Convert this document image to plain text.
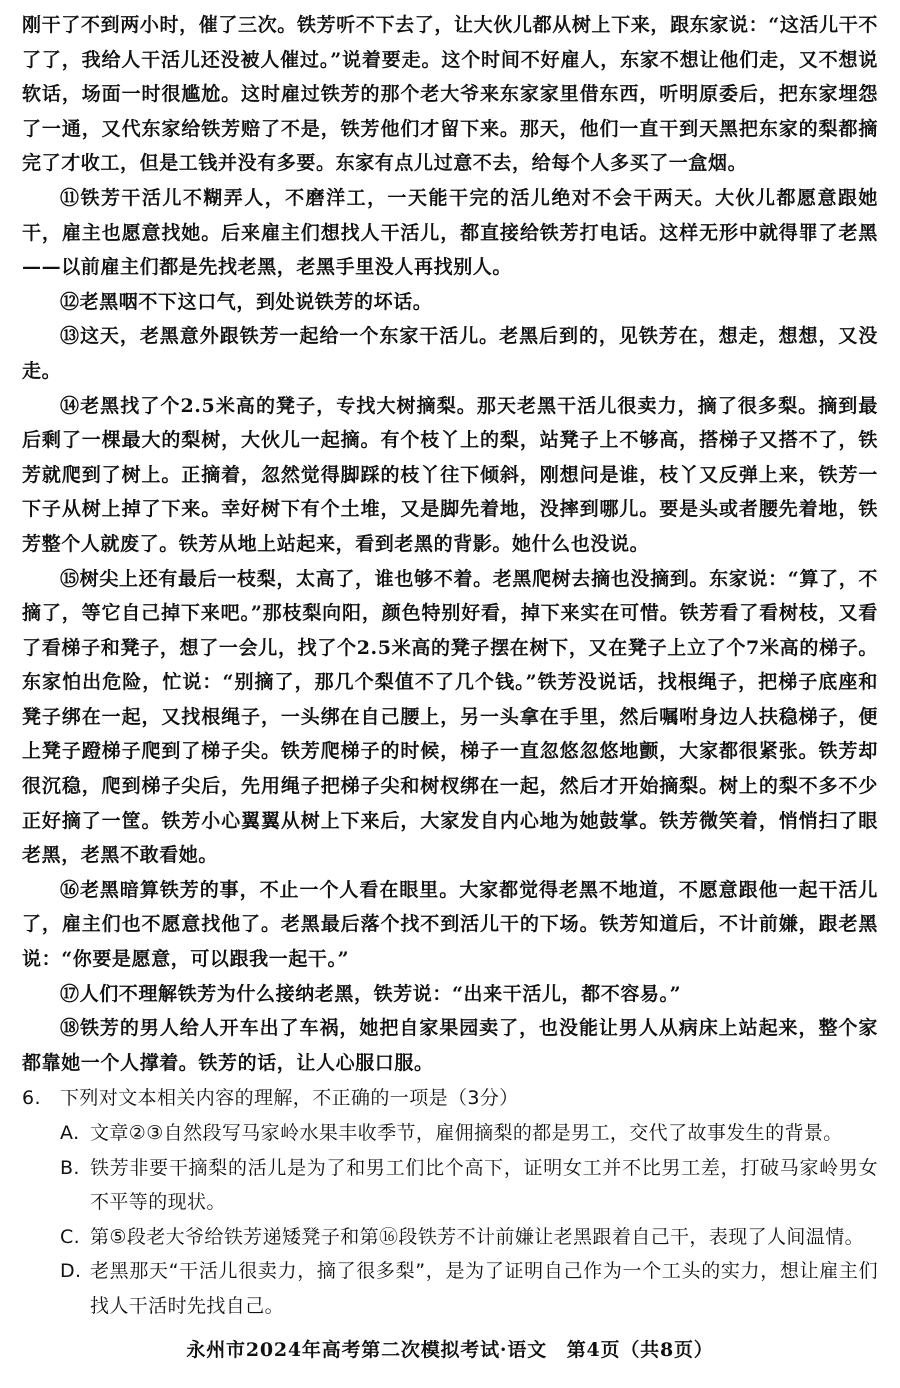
刚干了不到两小时，催了三次。铁芳听不下去了，让大伙儿都从树上下来，跟东家说：“这活儿干不了了，我给人干活儿还没被人催过。”说着要走。这个时间不好雇人，东家不想让他们走，又不想说软话，场面一时很尴尬。这时雇过铁芳的那个老大爷来东家家里借东西，听明原委后，把东家埋怨了一通，又代东家给铁芳赔了不是，铁芳他们才留下来。那天，他们一直干到天黑把东家的梨都摘完了才收工，但是工钱并没有多要。东家有点儿过意不去，给每个人多买了一盒烟。

⑪铁芳干活儿不糊弄人，不磨洋工，一天能干完的活儿绝对不会干两天。大伙儿都愿意跟她干，雇主也愿意找她。后来雇主们想找人干活儿，都直接给铁芳打电话。这样无形中就得罪了老黑——以前雇主们都是先找老黑，老黑手里没人再找别人。

⑫老黑咽不下这口气，到处说铁芳的坏话。

⑬这天，老黑意外跟铁芳一起给一个东家干活儿。老黑后到的，见铁芳在，想走，想想，又没走。

⑭老黑找了个2.5米高的凳子，专找大树摘梨。那天老黑干活儿很卖力，摘了很多梨。摘到最后剩了一棵最大的梨树，大伙儿一起摘。有个枝丫上的梨，站凳子上不够高，搭梯子又搭不了，铁芳就爬到了树上。正摘着，忽然觉得脚踩的枝丫往下倾斜，刚想问是谁，枝丫又反弹上来，铁芳一下子从树上掉了下来。幸好树下有个土堆，又是脚先着地，没摔到哪儿。要是头或者腰先着地，铁芳整个人就废了。铁芳从地上站起来，看到老黑的背影。她什么也没说。

⑮树尖上还有最后一枝梨，太高了，谁也够不着。老黑爬树去摘也没摘到。东家说：“算了，不摘了，等它自己掉下来吧。”那枝梨向阳，颜色特别好看，掉下来实在可惜。铁芳看了看树枝，又看了看梯子和凳子，想了一会儿，找了个2.5米高的凳子摆在树下，又在凳子上立了个7米高的梯子。东家怕出危险，忙说：“别摘了，那几个梨值不了几个钱。”铁芳没说话，找根绳子，把梯子底座和凳子绑在一起，又找根绳子，一头绑在自己腰上，另一头拿在手里，然后嘱咐身边人扶稳梯子，便上凳子蹬梯子爬到了梯子尖。铁芳爬梯子的时候，梯子一直忽悠忽悠地颤，大家都很紧张。铁芳却很沉稳，爬到梯子尖后，先用绳子把梯子尖和树杈绑在一起，然后才开始摘梨。树上的梨不多不少正好摘了一筐。铁芳小心翼翼从树上下来后，大家发自内心地为她鼓掌。铁芳微笑着，悄悄扫了眼老黑，老黑不敢看她。

⑯老黑暗算铁芳的事，不止一个人看在眼里。大家都觉得老黑不地道，不愿意跟他一起干活儿了，雇主们也不愿意找他了。老黑最后落个找不到活儿干的下场。铁芳知道后，不计前嫌，跟老黑说：“你要是愿意，可以跟我一起干。”

⑰人们不理解铁芳为什么接纳老黑，铁芳说：“出来干活儿，都不容易。”

⑱铁芳的男人给人开车出了车祸，她把自家果园卖了，也没能让男人从病床上站起来，整个家都靠她一个人撑着。铁芳的话，让人心服口服。

6.	下列对文本相关内容的理解，不正确的一项是（3分）
A. 文章②③自然段写马家岭水果丰收季节，雇佣摘梨的都是男工，交代了故事发生的背景。
B. 铁芳非要干摘梨的活儿是为了和男工们比个高下，证明女工并不比男工差，打破马家岭男女不平等的现状。
C. 第⑤段老大爷给铁芳递矮凳子和第⑯段铁芳不计前嫌让老黑跟着自己干，表现了人间温情。
D. 老黑那天“干活儿很卖力，摘了很多梨”，是为了证明自己作为一个工头的实力，想让雇主们找人干活时先找自己。
永州市2024年高考第二次模拟考试·语文　第4页（共8页）
